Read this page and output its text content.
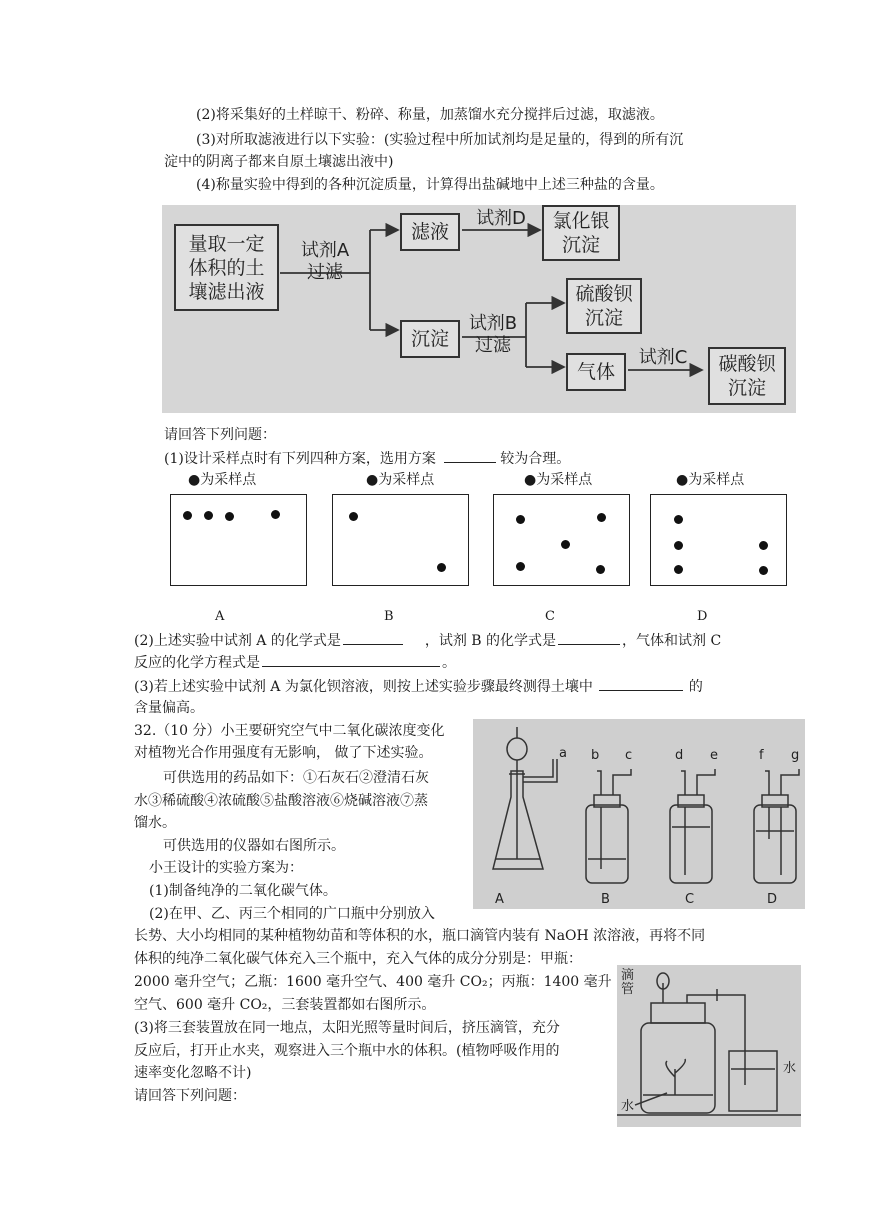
(2)将采集好的土样晾干、粉碎、称量，加蒸馏水充分搅拌后过滤，取滤液。
(3)对所取滤液进行以下实验：(实验过程中所加试剂均是足量的，得到的所有沉
淀中的阴离子都来自原土壤滤出液中)
(4)称量实验中得到的各种沉淀质量，计算得出盐碱地中上述三种盐的含量。
量取一定
体积的土
壤滤出液
试剂A
过滤
滤液
试剂D	氯化银
沉淀
沉淀
试剂B
过滤
硫酸钡
沉淀
气体
试剂C	碳酸钡
沉淀
请回答下列问题：
(1)设计采样点时有下列四种方案，选用方案	较为合理。
●为采样点	●为采样点	●为采样点	●为采样点
A	B	C	D
(2)上述实验中试剂 A 的化学式是	，试剂 B 的化学式是	，气体和试剂 C
反应的化学方程式是	。
(3)若上述实验中试剂 A 为氯化钡溶液，则按上述实验步骤最终测得土壤中	的
含量偏高。
32.（10 分）小王要研究空气中二氧化碳浓度变化
对植物光合作用强度有无影响， 做了下述实验。
可供选用的药品如下：①石灰石②澄清石灰
水③稀硫酸④浓硫酸⑤盐酸溶液⑥烧碱溶液⑦蒸
馏水。
可供选用的仪器如右图所示。
小王设计的实验方案为：
(1)制备纯净的二氧化碳气体。
(2)在甲、乙、丙三个相同的广口瓶中分别放入
长势、大小均相同的某种植物幼苗和等体积的水，瓶口滴管内装有 NaOH 浓溶液，再将不同
体积的纯净二氧化碳气体充入三个瓶中，充入气体的成分分别是：甲瓶：
2000 毫升空气；乙瓶：1600 毫升空气、400 毫升 CO₂；丙瓶：1400 毫升
空气、600 毫升 CO₂，三套装置都如右图所示。
(3)将三套装置放在同一地点，太阳光照等量时间后，挤压滴管，充分
反应后，打开止水夹，观察进入三个瓶中水的体积。(植物呼吸作用的
速率变化忽略不计)
请回答下列问题：
a b c	d e	f g
A	B	C	D
滴
管
水
水
